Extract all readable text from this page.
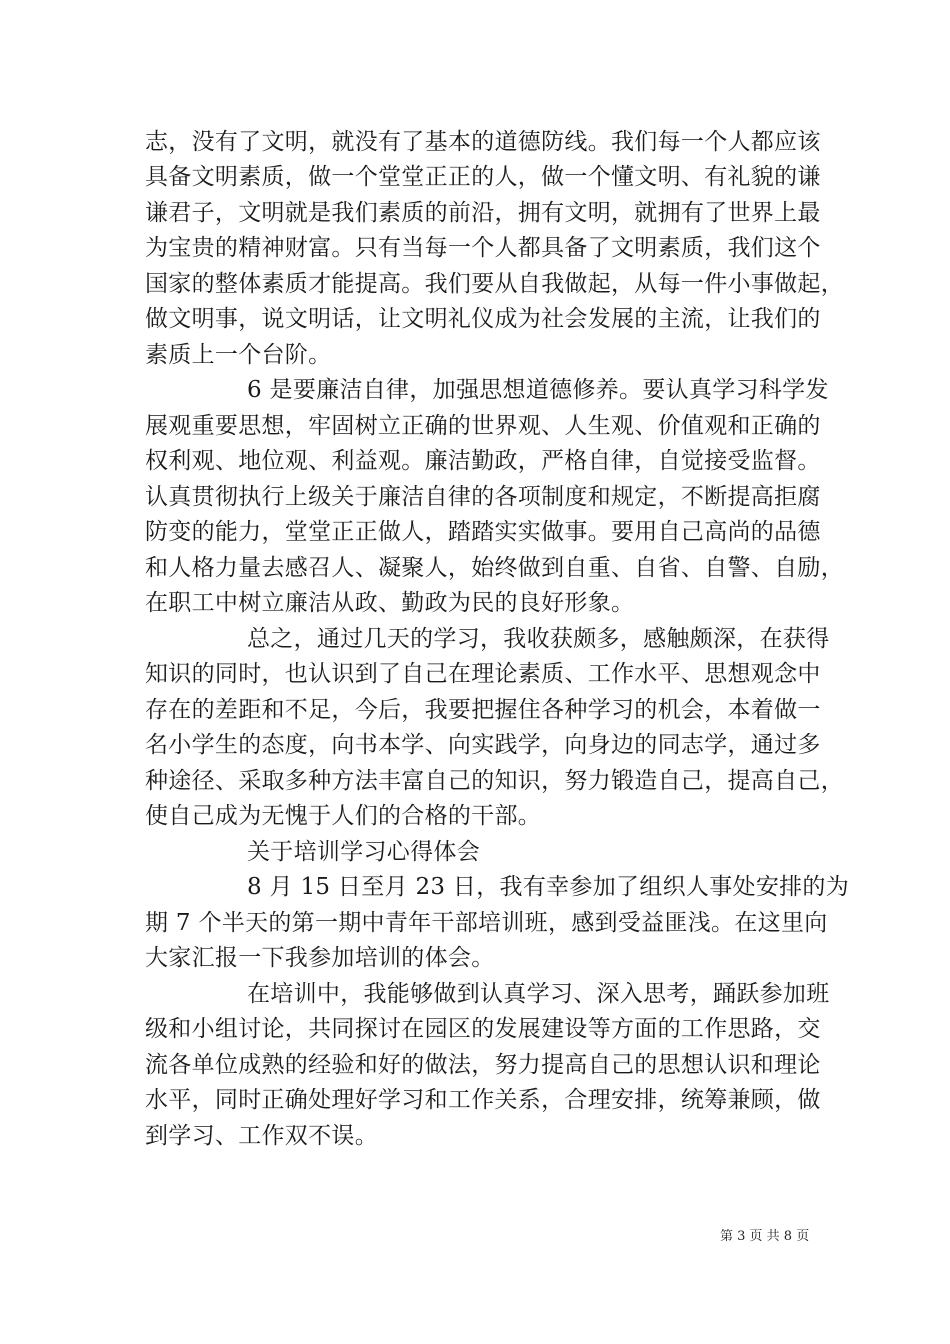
志，没有了文明，就没有了基本的道德防线。我们每一个人都应该
具备文明素质，做一个堂堂正正的人，做一个懂文明、有礼貌的谦
谦君子，文明就是我们素质的前沿，拥有文明，就拥有了世界上最
为宝贵的精神财富。只有当每一个人都具备了文明素质，我们这个
国家的整体素质才能提高。我们要从自我做起，从每一件小事做起，
做文明事，说文明话，让文明礼仪成为社会发展的主流，让我们的
素质上一个台阶。
6 是要廉洁自律，加强思想道德修养。要认真学习科学发
展观重要思想，牢固树立正确的世界观、人生观、价值观和正确的
权利观、地位观、利益观。廉洁勤政，严格自律，自觉接受监督。
认真贯彻执行上级关于廉洁自律的各项制度和规定，不断提高拒腐
防变的能力，堂堂正正做人，踏踏实实做事。要用自己高尚的品德
和人格力量去感召人、凝聚人，始终做到自重、自省、自警、自励，
在职工中树立廉洁从政、勤政为民的良好形象。
总之，通过几天的学习，我收获颇多，感触颇深，在获得
知识的同时，也认识到了自己在理论素质、工作水平、思想观念中
存在的差距和不足，今后，我要把握住各种学习的机会，本着做一
名小学生的态度，向书本学、向实践学，向身边的同志学，通过多
种途径、采取多种方法丰富自己的知识，努力锻造自己，提高自己，
使自己成为无愧于人们的合格的干部。
关于培训学习心得体会
8 月 15 日至月 23 日，我有幸参加了组织人事处安排的为
期 7 个半天的第一期中青年干部培训班，感到受益匪浅。在这里向
大家汇报一下我参加培训的体会。
在培训中，我能够做到认真学习、深入思考，踊跃参加班
级和小组讨论，共同探讨在园区的发展建设等方面的工作思路，交
流各单位成熟的经验和好的做法，努力提高自己的思想认识和理论
水平，同时正确处理好学习和工作关系，合理安排，统筹兼顾，做
到学习、工作双不误。
第 3 页 共 8 页
